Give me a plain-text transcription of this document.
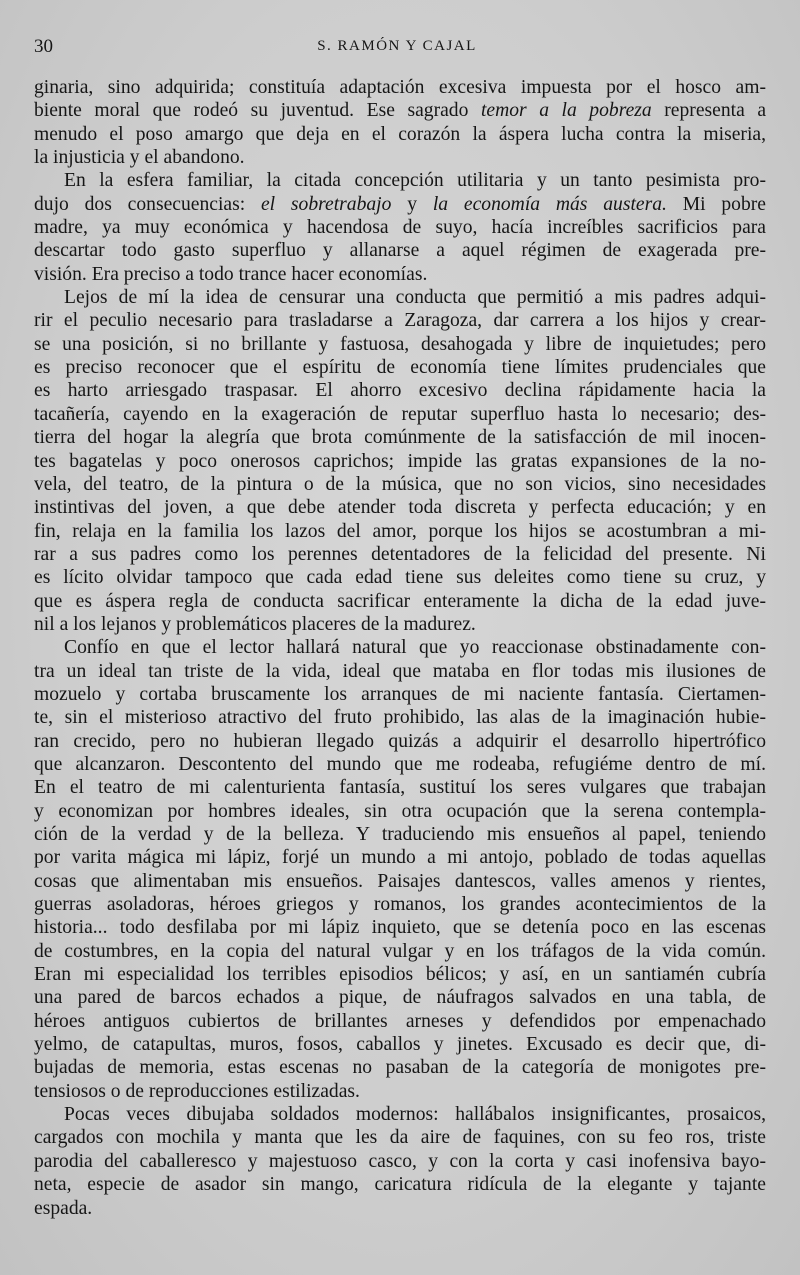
30	S. RAMÓN Y CAJAL
ginaria, sino adquirida; constituía adaptación excesiva impuesta por el hosco am-
biente moral que rodeó su juventud. Ese sagrado temor a la pobreza representa a
menudo el poso amargo que deja en el corazón la áspera lucha contra la miseria,
la injusticia y el abandono.
En la esfera familiar, la citada concepción utilitaria y un tanto pesimista pro-
dujo dos consecuencias: el sobretrabajo y la economía más austera. Mi pobre
madre, ya muy económica y hacendosa de suyo, hacía increíbles sacrificios para
descartar todo gasto superfluo y allanarse a aquel régimen de exagerada pre-
visión. Era preciso a todo trance hacer economías.
Lejos de mí la idea de censurar una conducta que permitió a mis padres adqui-
rir el peculio necesario para trasladarse a Zaragoza, dar carrera a los hijos y crear-
se una posición, si no brillante y fastuosa, desahogada y libre de inquietudes; pero
es preciso reconocer que el espíritu de economía tiene límites prudenciales que
es harto arriesgado traspasar. El ahorro excesivo declina rápidamente hacia la
tacañería, cayendo en la exageración de reputar superfluo hasta lo necesario; des-
tierra del hogar la alegría que brota comúnmente de la satisfacción de mil inocen-
tes bagatelas y poco onerosos caprichos; impide las gratas expansiones de la no-
vela, del teatro, de la pintura o de la música, que no son vicios, sino necesidades
instintivas del joven, a que debe atender toda discreta y perfecta educación; y en
fin, relaja en la familia los lazos del amor, porque los hijos se acostumbran a mi-
rar a sus padres como los perennes detentadores de la felicidad del presente. Ni
es lícito olvidar tampoco que cada edad tiene sus deleites como tiene su cruz, y
que es áspera regla de conducta sacrificar enteramente la dicha de la edad juve-
nil a los lejanos y problemáticos placeres de la madurez.
Confío en que el lector hallará natural que yo reaccionase obstinadamente con-
tra un ideal tan triste de la vida, ideal que mataba en flor todas mis ilusiones de
mozuelo y cortaba bruscamente los arranques de mi naciente fantasía. Ciertamen-
te, sin el misterioso atractivo del fruto prohibido, las alas de la imaginación hubie-
ran crecido, pero no hubieran llegado quizás a adquirir el desarrollo hipertrófico
que alcanzaron. Descontento del mundo que me rodeaba, refugiéme dentro de mí.
En el teatro de mi calenturienta fantasía, sustituí los seres vulgares que trabajan
y economizan por hombres ideales, sin otra ocupación que la serena contempla-
ción de la verdad y de la belleza. Y traduciendo mis ensueños al papel, teniendo
por varita mágica mi lápiz, forjé un mundo a mi antojo, poblado de todas aquellas
cosas que alimentaban mis ensueños. Paisajes dantescos, valles amenos y rientes,
guerras asoladoras, héroes griegos y romanos, los grandes acontecimientos de la
historia... todo desfilaba por mi lápiz inquieto, que se detenía poco en las escenas
de costumbres, en la copia del natural vulgar y en los tráfagos de la vida común.
Eran mi especialidad los terribles episodios bélicos; y así, en un santiamén cubría
una pared de barcos echados a pique, de náufragos salvados en una tabla, de
héroes antiguos cubiertos de brillantes arneses y defendidos por empenachado
yelmo, de catapultas, muros, fosos, caballos y jinetes. Excusado es decir que, di-
bujadas de memoria, estas escenas no pasaban de la categoría de monigotes pre-
tensiosos o de reproducciones estilizadas.
Pocas veces dibujaba soldados modernos: hallábalos insignificantes, prosaicos,
cargados con mochila y manta que les da aire de faquines, con su feo ros, triste
parodia del caballeresco y majestuoso casco, y con la corta y casi inofensiva bayo-
neta, especie de asador sin mango, caricatura ridícula de la elegante y tajante
espada.
